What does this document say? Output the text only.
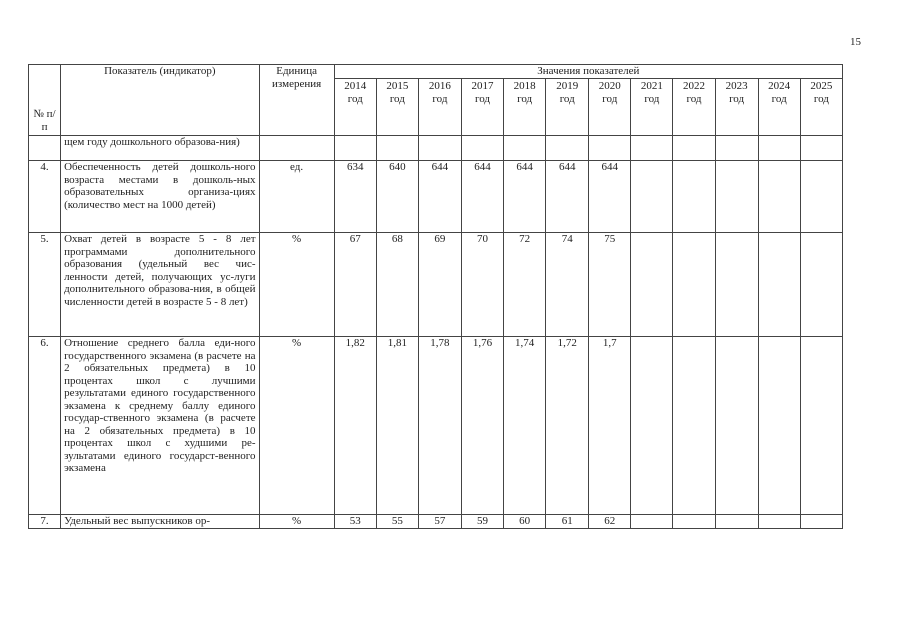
15
№ п/п	Показатель (индикатор)	Единица измерения	Значения показателей											
			2014 год	2015 год	2016 год	2017 год	2018 год	2019 год	2020 год	2021 год	2022 год	2023 год	2024 год	2025 год
	щем году дошкольного образова-ния)													
4.	Обеспеченность детей дошколь-ного возраста местами в дошколь-ных образовательных организа-циях (количество мест на 1000 детей)	ед.	634	640	644	644	644	644	644					
5.	Охват детей в возрасте 5 - 8 лет программами дополнительного образования (удельный вес чис-ленности детей, получающих ус-луги дополнительного образова-ния, в общей численности детей в возрасте 5 - 8 лет)	%	67	68	69	70	72	74	75					
6.	Отношение среднего балла еди-ного государственного экзамена (в расчете на 2 обязательных предмета) в 10 процентах школ с лучшими результатами единого государственного экзамена к среднему баллу единого государ-ственного экзамена (в расчете на 2 обязательных предмета) в 10 процентах школ с худшими ре-зультатами единого государст-венного экзамена	%	1,82	1,81	1,78	1,76	1,74	1,72	1,7					
7.	Удельный вес выпускников ор-	%	53	55	57	59	60	61	62					
